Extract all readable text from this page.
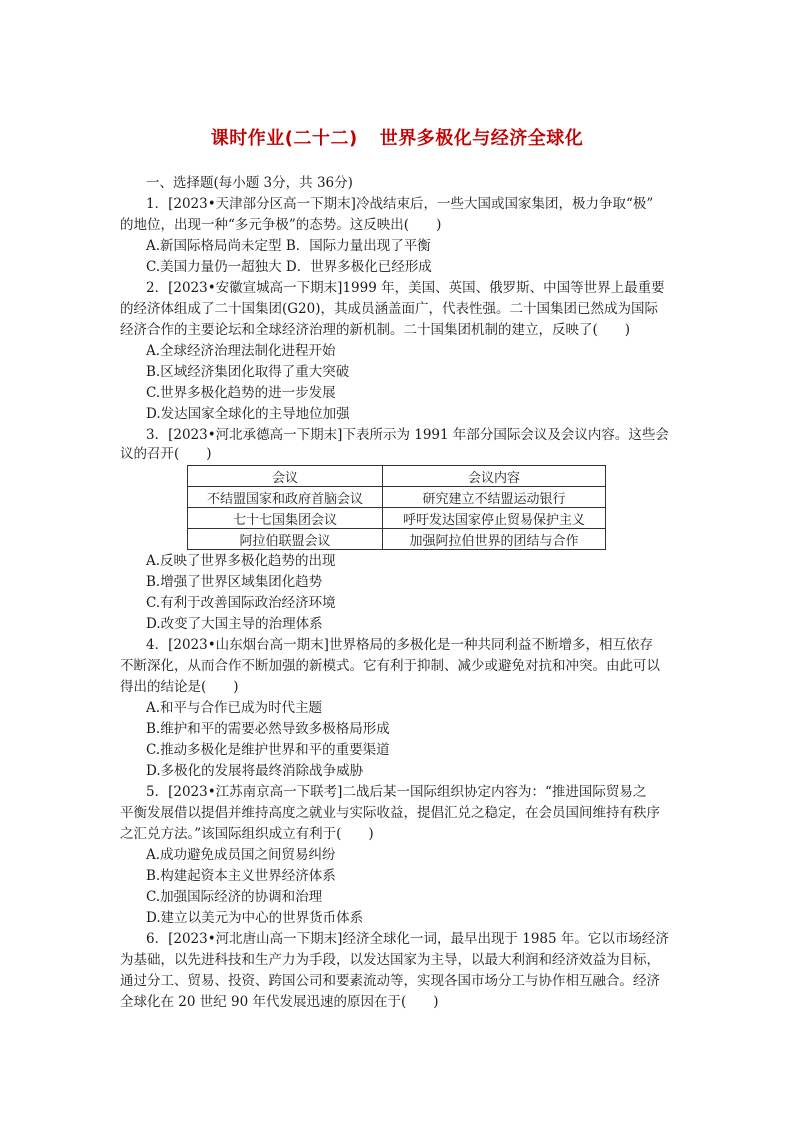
课时作业(二十二) 世界多极化与经济全球化
一、选择题(每小题 3分，共 36分)
1．[2023•天津部分区高一下期末]冷战结束后，一些大国或国家集团，极力争取“极”
的地位，出现一种“多元争极”的态势。这反映出(　　)
A.新国际格局尚未定型 B．国际力量出现了平衡
C.美国力量仍一超独大 D．世界多极化已经形成
2．[2023•安徽宣城高一下期末]1999 年，美国、英国、俄罗斯、中国等世界上最重要
的经济体组成了二十国集团(G20)，其成员涵盖面广，代表性强。二十国集团已然成为国际
经济合作的主要论坛和全球经济治理的新机制。二十国集团机制的建立，反映了(　　)
A.全球经济治理法制化进程开始
B.区域经济集团化取得了重大突破
C.世界多极化趋势的进一步发展
D.发达国家全球化的主导地位加强
3．[2023•河北承德高一下期末]下表所示为 1991 年部分国际会议及会议内容。这些会
议的召开(　　)
会议	会议内容
不结盟国家和政府首脑会议	研究建立不结盟运动银行
七十七国集团会议	呼吁发达国家停止贸易保护主义
阿拉伯联盟会议	加强阿拉伯世界的团结与合作
A.反映了世界多极化趋势的出现
B.增强了世界区域集团化趋势
C.有利于改善国际政治经济环境
D.改变了大国主导的治理体系
4．[2023•山东烟台高一期末]世界格局的多极化是一种共同利益不断增多，相互依存
不断深化，从而合作不断加强的新模式。它有利于抑制、减少或避免对抗和冲突。由此可以
得出的结论是(　　)
A.和平与合作已成为时代主题
B.维护和平的需要必然导致多极格局形成
C.推动多极化是维护世界和平的重要渠道
D.多极化的发展将最终消除战争威胁
5．[2023•江苏南京高一下联考]二战后某一国际组织协定内容为：“推进国际贸易之
平衡发展借以提倡并维持高度之就业与实际收益，提倡汇兑之稳定，在会员国间维持有秩序
之汇兑方法。”该国际组织成立有利于(　　)
A.成功避免成员国之间贸易纠纷
B.构建起资本主义世界经济体系
C.加强国际经济的协调和治理
D.建立以美元为中心的世界货币体系
6．[2023•河北唐山高一下期末]经济全球化一词，最早出现于 1985 年。它以市场经济
为基础，以先进科技和生产力为手段，以发达国家为主导，以最大利润和经济效益为目标，
通过分工、贸易、投资、跨国公司和要素流动等，实现各国市场分工与协作相互融合。经济
全球化在 20 世纪 90 年代发展迅速的原因在于(　　)
